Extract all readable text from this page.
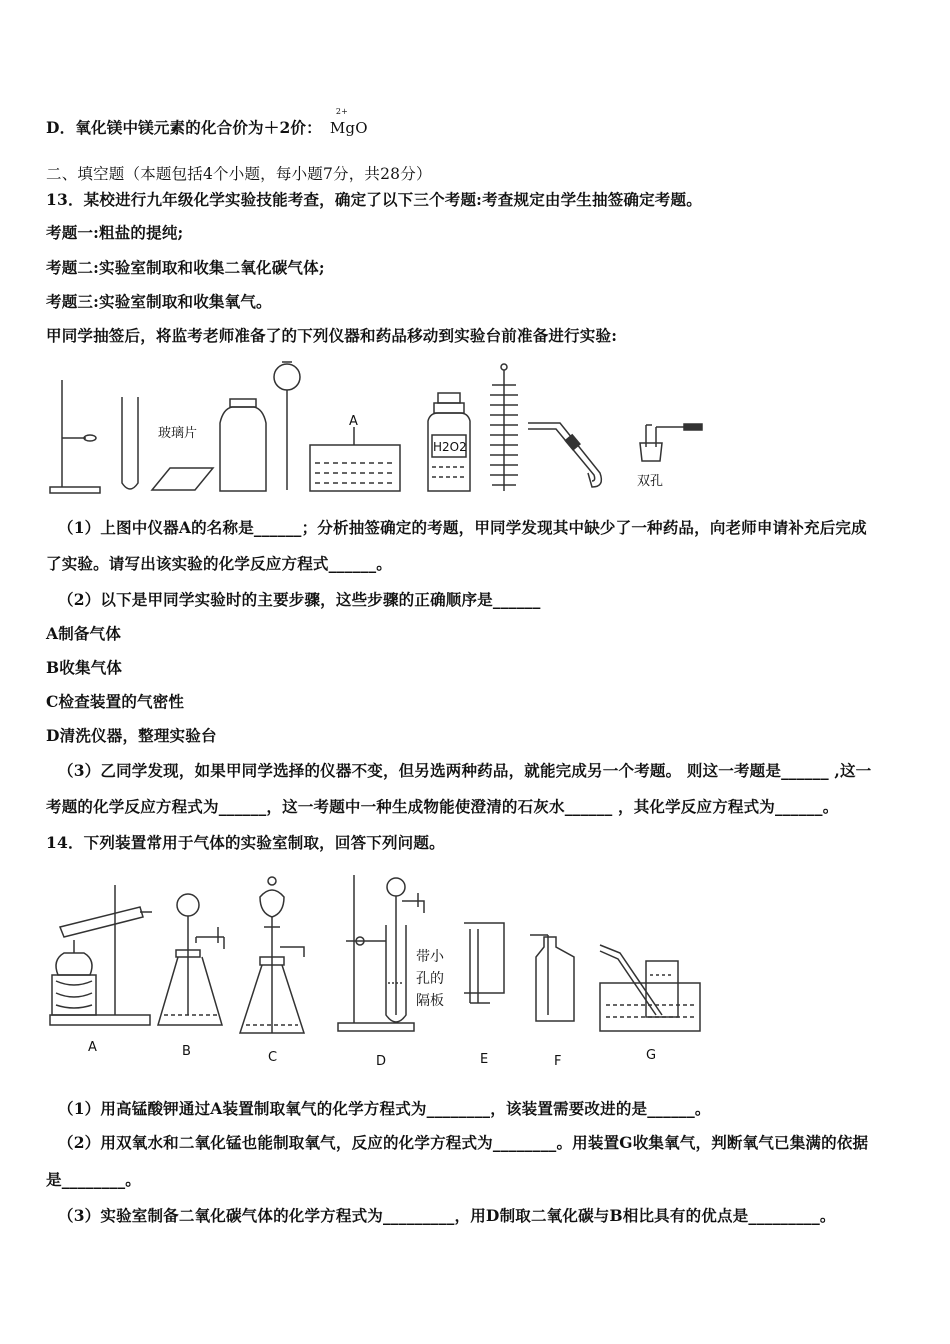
D．氧化镁中镁元素的化合价为＋2价：
2+
MgO
二、填空题（本题包括4个小题，每小题7分，共28分）
13．某校进行九年级化学实验技能考查，确定了以下三个考题:考查规定由学生抽签确定考题。
考题一:粗盐的提纯;
考题二:实验室制取和收集二氧化碳气体;
考题三:实验室制取和收集氧气。
甲同学抽签后，将监考老师准备了的下列仪器和药品移动到实验台前准备进行实验:
玻璃片
A
H2O2
双孔
（1）上图中仪器A的名称是______；分析抽签确定的考题，甲同学发现其中缺少了一种药品，向老师申请补充后完成
了实验。请写出该实验的化学反应方程式______。
（2）以下是甲同学实验时的主要步骤，这些步骤的正确顺序是______
A制备气体
B收集气体
C检查装置的气密性
D清洗仪器，整理实验台
（3）乙同学发现，如果甲同学选择的仪器不变，但另选两种药品，就能完成另一个考题。 则这一考题是______ ,这一
考题的化学反应方程式为______，这一考题中一种生成物能使澄清的石灰水______ ，其化学反应方程式为______。
14．下列装置常用于气体的实验室制取，回答下列问题。
带小
孔的
隔板
A	B	C	D	E	F	G
（1）用高锰酸钾通过A装置制取氧气的化学方程式为________，该装置需要改进的是______。
（2）用双氧水和二氧化锰也能制取氧气，反应的化学方程式为________。用装置G收集氧气，判断氧气已集满的依据
是________。
（3）实验室制备二氧化碳气体的化学方程式为_________，用D制取二氧化碳与B相比具有的优点是_________。
